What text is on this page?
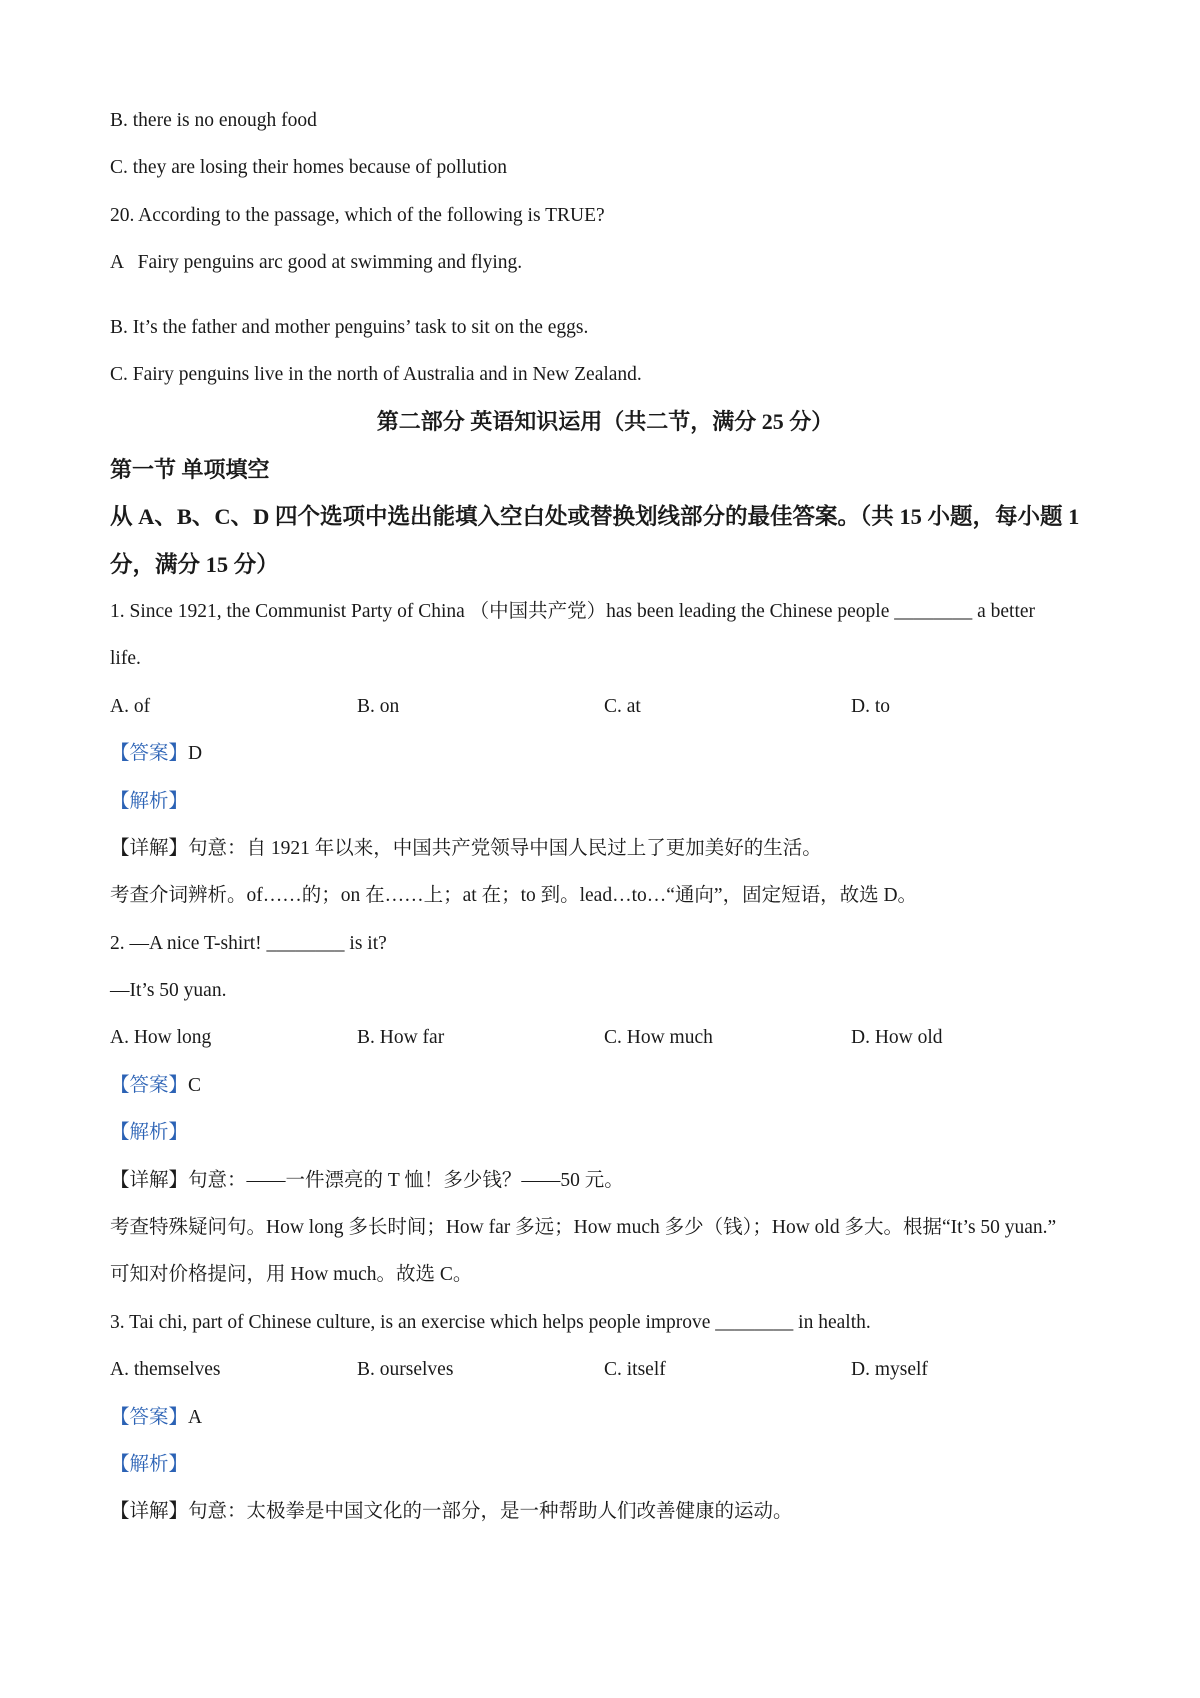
B. there is no enough food
C. they are losing their homes because of pollution
20. According to the passage, which of the following is TRUE?
A   Fairy penguins arc good at swimming and flying.
B. It’s the father and mother penguins’ task to sit on the eggs.
C. Fairy penguins live in the north of Australia and in New Zealand.
第二部分 英语知识运用（共二节，满分 25 分）
第一节 单项填空
从 A、B、C、D 四个选项中选出能填入空白处或替换划线部分的最佳答案。（共 15 小题，每小题 1 分，满分 15 分）
1. Since 1921, the Communist Party of China （中国共产党）has been leading the Chinese people ________ a better
life.
A. of	B. on	C. at	D. to
【答案】D
【解析】
【详解】句意：自 1921 年以来，中国共产党领导中国人民过上了更加美好的生活。
考查介词辨析。of……的；on 在……上；at 在；to 到。lead…to…“通向”，固定短语，故选 D。
2. —A nice T-shirt! ________ is it?
—It’s 50 yuan.
A. How long	B. How far	C. How much	D. How old
【答案】C
【解析】
【详解】句意：——一件漂亮的 T 恤！多少钱？——50 元。
考查特殊疑问句。How long 多长时间；How far 多远；How much 多少（钱）；How old 多大。根据“It’s 50 yuan.”
可知对价格提问，用 How much。故选 C。
3. Tai chi, part of Chinese culture, is an exercise which helps people improve ________ in health.
A. themselves	B. ourselves	C. itself	D. myself
【答案】A
【解析】
【详解】句意：太极拳是中国文化的一部分，是一种帮助人们改善健康的运动。
